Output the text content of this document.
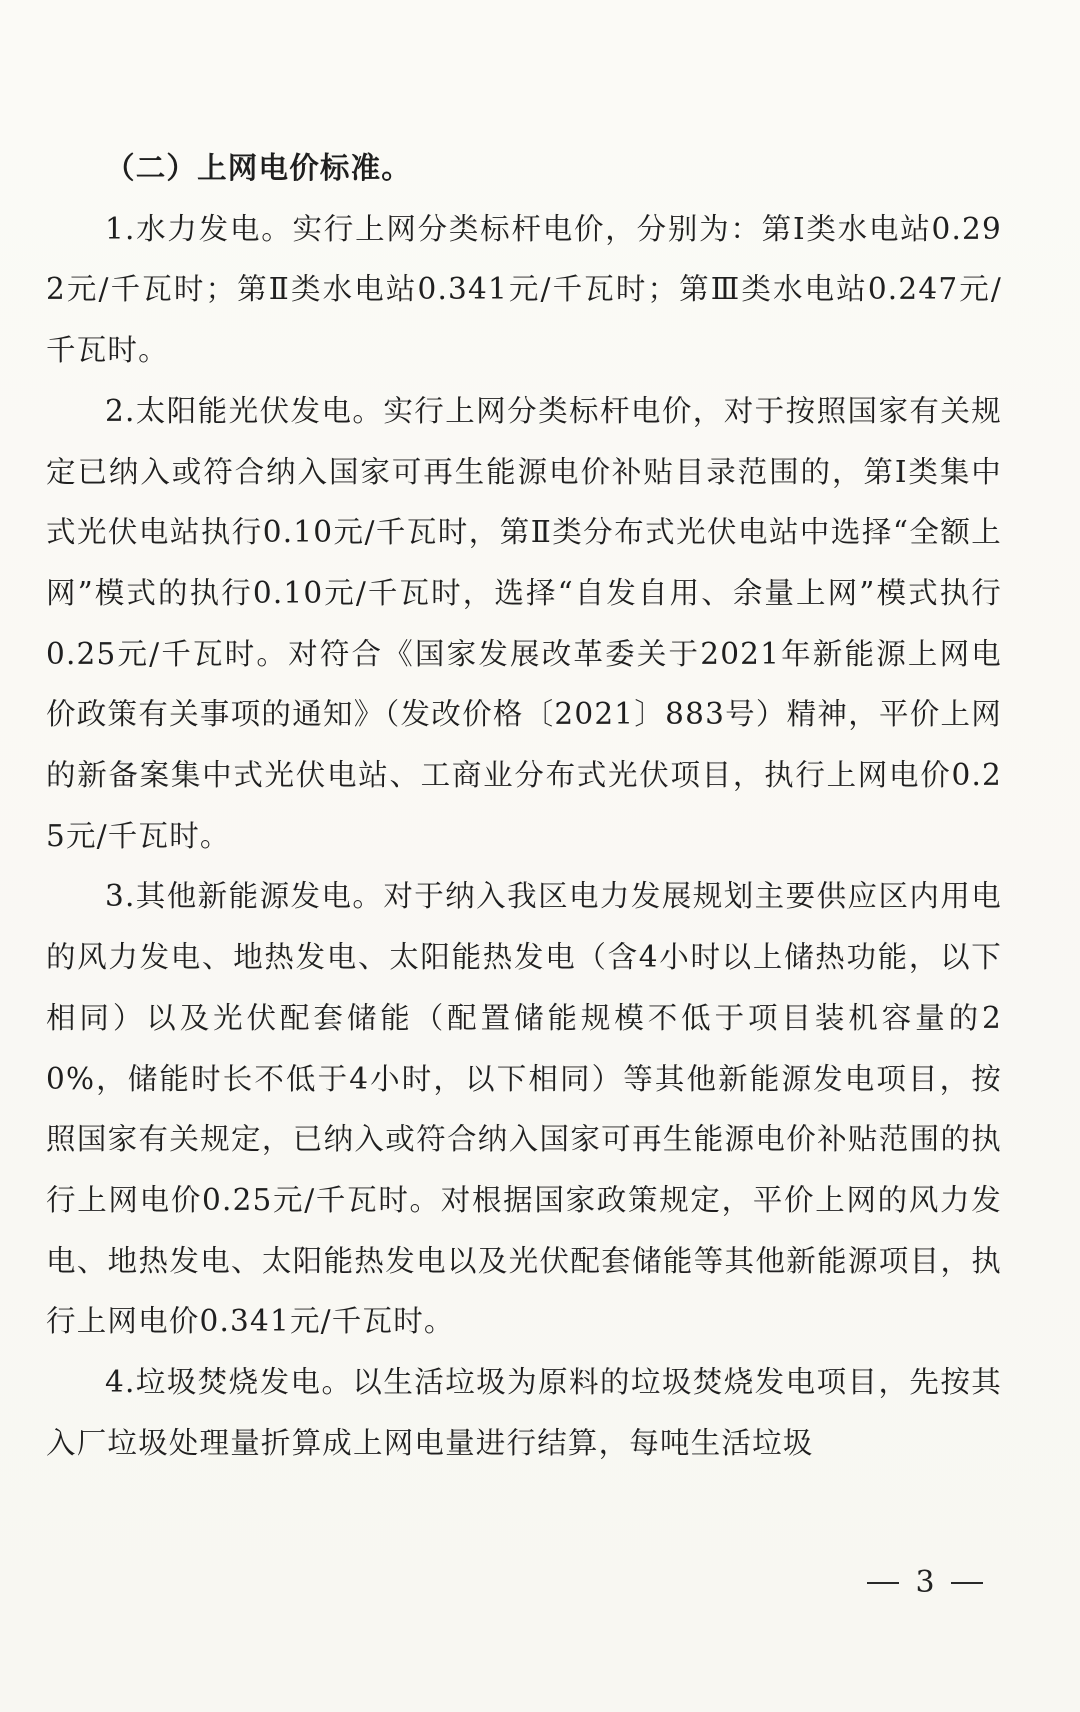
（二）上网电价标准。

1.水力发电。实行上网分类标杆电价，分别为：第Ⅰ类水电站0.292元/千瓦时；第Ⅱ类水电站0.341元/千瓦时；第Ⅲ类水电站0.247元/千瓦时。

2.太阳能光伏发电。实行上网分类标杆电价，对于按照国家有关规定已纳入或符合纳入国家可再生能源电价补贴目录范围的，第Ⅰ类集中式光伏电站执行0.10元/千瓦时，第Ⅱ类分布式光伏电站中选择“全额上网”模式的执行0.10元/千瓦时，选择“自发自用、余量上网”模式执行0.25元/千瓦时。对符合《国家发展改革委关于2021年新能源上网电价政策有关事项的通知》（发改价格〔2021〕883号）精神，平价上网的新备案集中式光伏电站、工商业分布式光伏项目，执行上网电价0.25元/千瓦时。

3.其他新能源发电。对于纳入我区电力发展规划主要供应区内用电的风力发电、地热发电、太阳能热发电（含4小时以上储热功能，以下相同）以及光伏配套储能（配置储能规模不低于项目装机容量的20%，储能时长不低于4小时，以下相同）等其他新能源发电项目，按照国家有关规定，已纳入或符合纳入国家可再生能源电价补贴范围的执行上网电价0.25元/千瓦时。对根据国家政策规定，平价上网的风力发电、地热发电、太阳能热发电以及光伏配套储能等其他新能源项目，执行上网电价0.341元/千瓦时。

4.垃圾焚烧发电。以生活垃圾为原料的垃圾焚烧发电项目，先按其入厂垃圾处理量折算成上网电量进行结算，每吨生活垃圾

3
